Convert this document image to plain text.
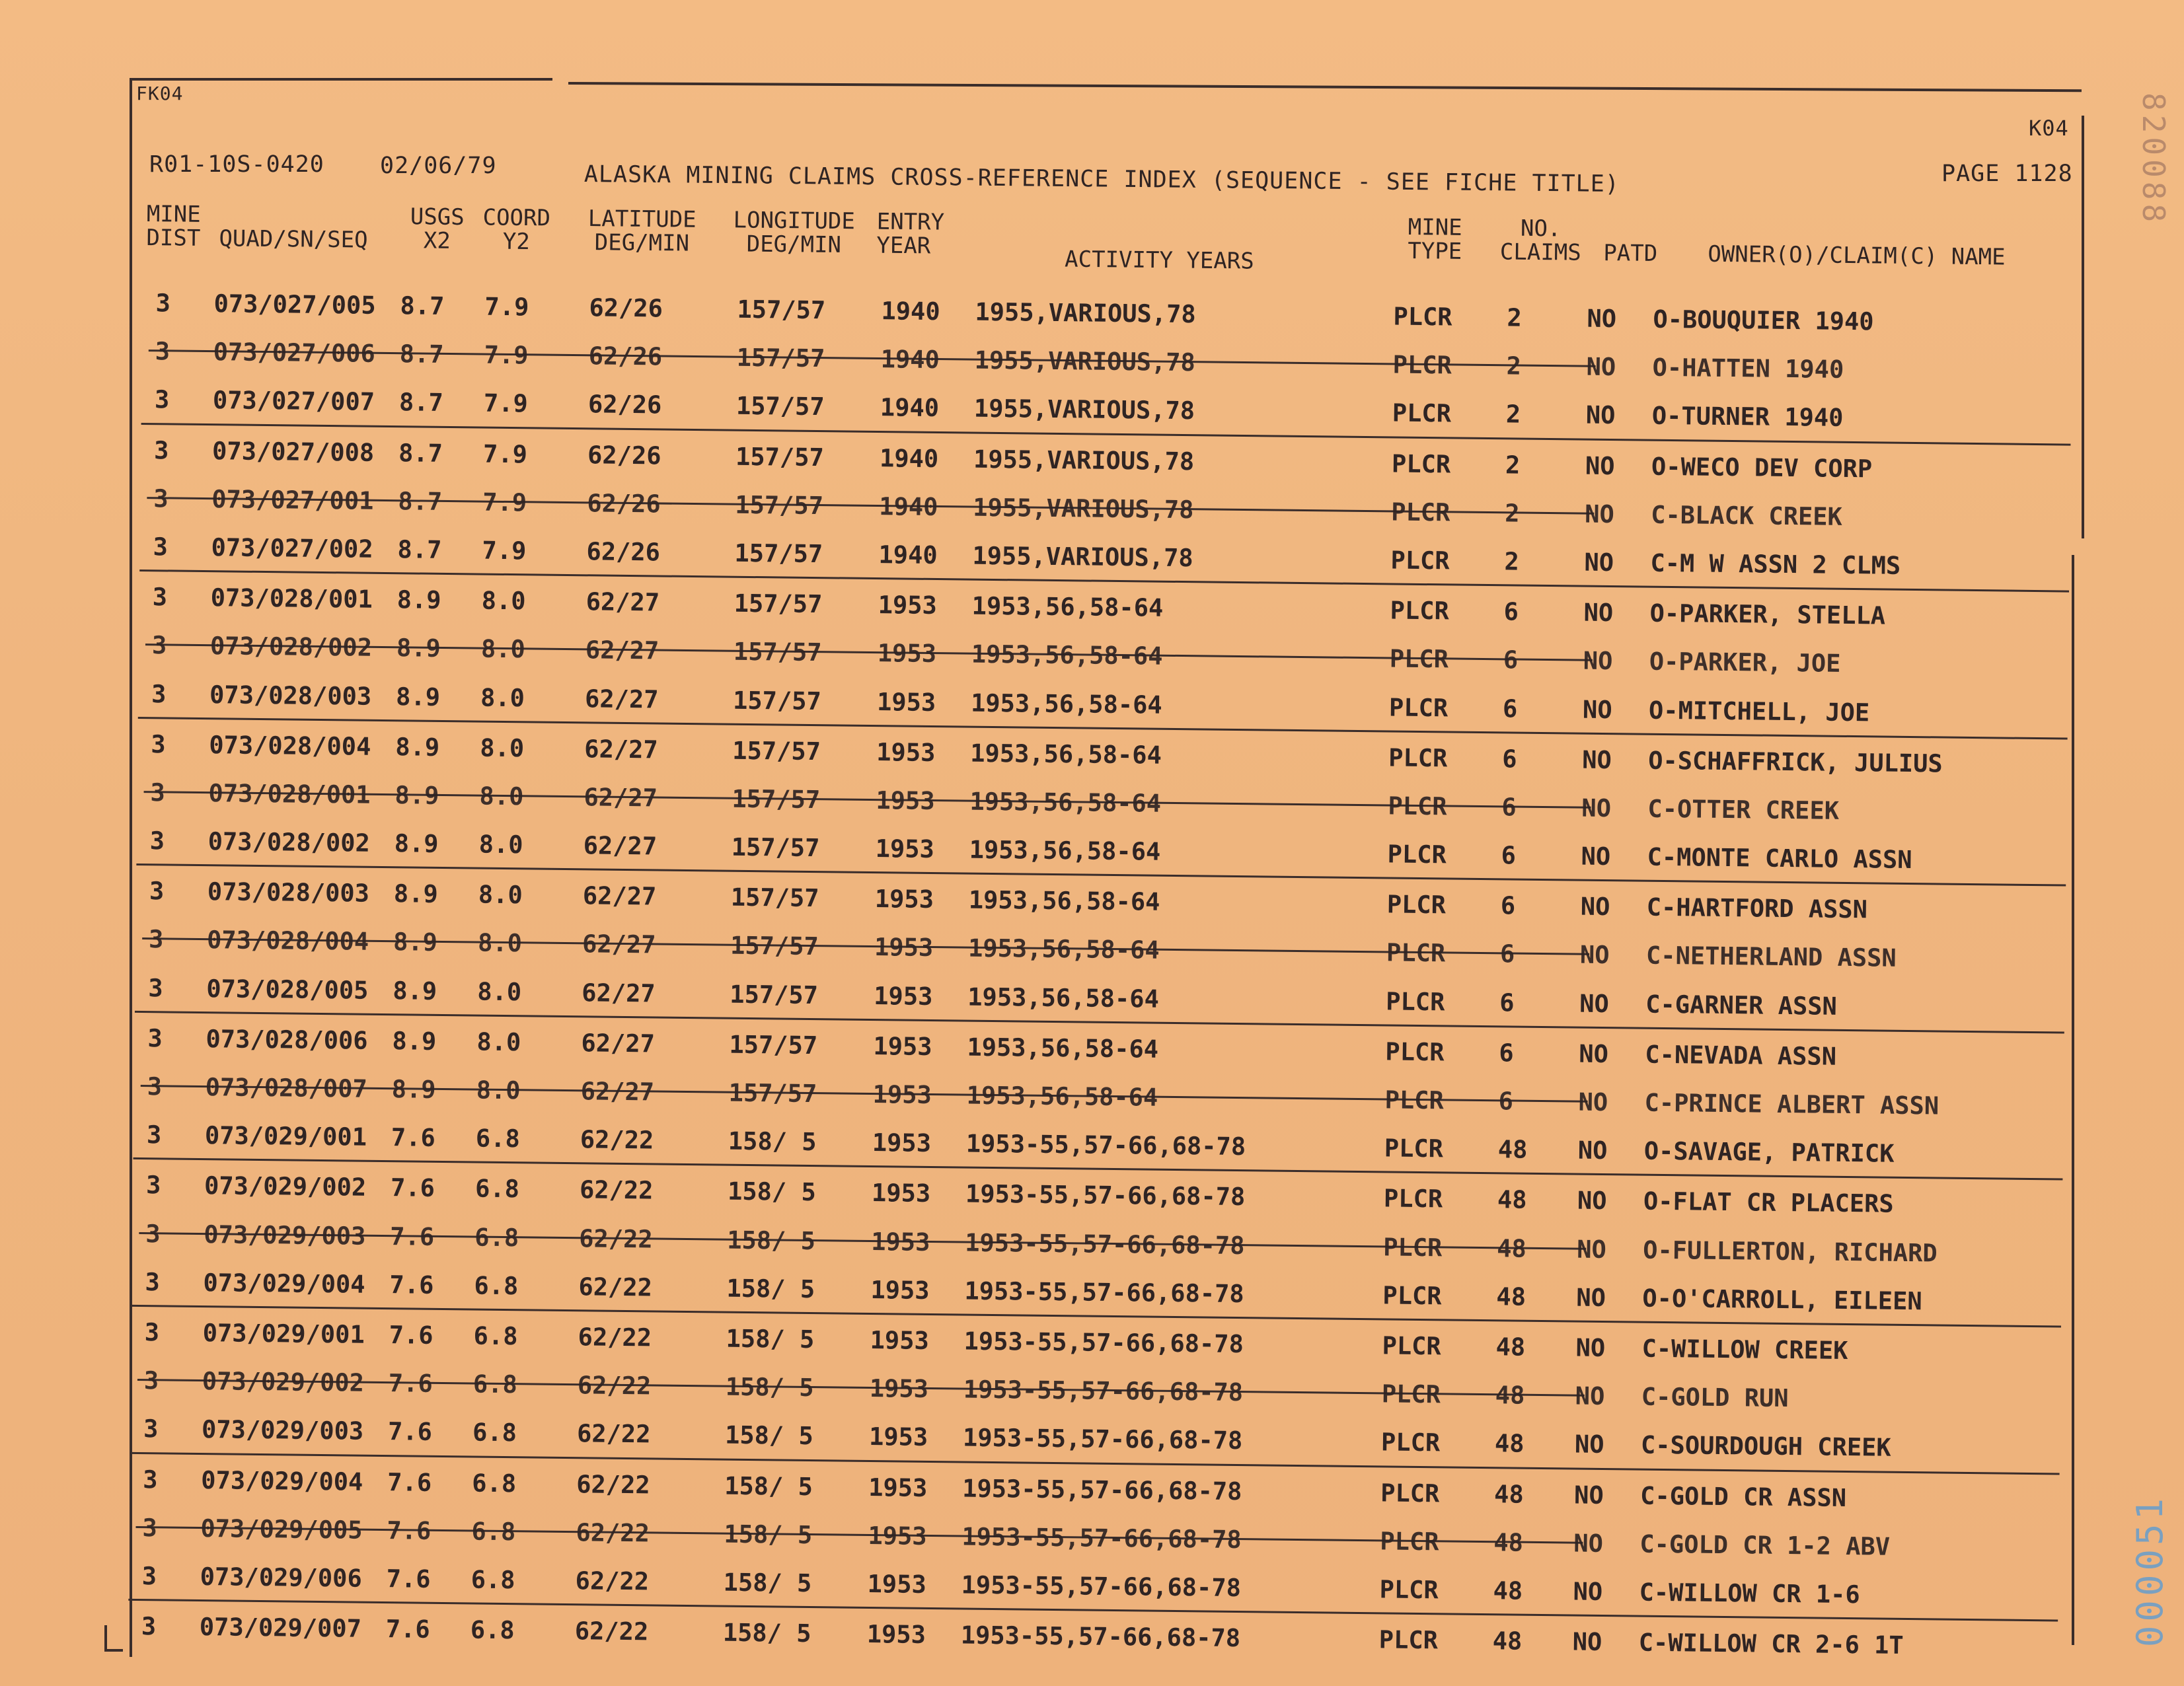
FK04
K04
R01-10S-0420 02/06/79	ALASKA MINING CLAIMS CROSS-REFERENCE INDEX (SEQUENCE - SEE FICHE TITLE)	PAGE 1128
MINE
DIST QUAD/SN/SEQ
USGS
X2
COORD
Y2
LATITUDE
DEG/MIN
LONGITUDE
DEG/MIN
ENTRY
YEAR
ACTIVITY YEARS
MINE
TYPE
NO.
CLAIMS PATD OWNER(O)/CLAIM(C) NAME
3 073/027/005 8.7 7.9 62/26	157/57 1940 1955,VARIOUS,78	PLCR 2	NO O-BOUQUIER 1940
3 073/027/006 8.7 7.9 62/26	157/57 1940 1955,VARIOUS,78	PLCR 2	NO O-HATTEN 1940
3 073/027/007 8.7 7.9 62/26	157/57 1940 1955,VARIOUS,78	PLCR 2	NO O-TURNER 1940
3 073/027/008 8.7 7.9 62/26	157/57 1940 1955,VARIOUS,78	PLCR 2	NO O-WECO DEV CORP
3 073/027/001 8.7 7.9 62/26	157/57 1940 1955,VARIOUS,78	PLCR 2	NO C-BLACK CREEK
3 073/027/002 8.7 7.9 62/26	157/57 1940 1955,VARIOUS,78	PLCR 2	NO C-M W ASSN 2 CLMS
3 073/028/001 8.9 8.0 62/27	157/57 1953 1953,56,58-64	PLCR 6	NO O-PARKER, STELLA
3 073/028/002 8.9 8.0 62/27	157/57 1953 1953,56,58-64	PLCR 6	NO O-PARKER, JOE
3 073/028/003 8.9 8.0 62/27	157/57 1953 1953,56,58-64	PLCR 6	NO O-MITCHELL, JOE
3 073/028/004 8.9 8.0 62/27	157/57 1953 1953,56,58-64	PLCR 6	NO O-SCHAFFRICK, JULIUS
3 073/028/001 8.9 8.0 62/27	157/57 1953 1953,56,58-64	PLCR 6	NO C-OTTER CREEK
3 073/028/002 8.9 8.0 62/27	157/57 1953 1953,56,58-64	PLCR 6	NO C-MONTE CARLO ASSN
3 073/028/003 8.9 8.0 62/27	157/57 1953 1953,56,58-64	PLCR 6	NO C-HARTFORD ASSN
3 073/028/004 8.9 8.0 62/27	157/57 1953 1953,56,58-64	PLCR 6	NO C-NETHERLAND ASSN
3 073/028/005 8.9 8.0 62/27	157/57 1953 1953,56,58-64	PLCR 6	NO C-GARNER ASSN
3 073/028/006 8.9 8.0 62/27	157/57 1953 1953,56,58-64	PLCR 6	NO C-NEVADA ASSN
3 073/028/007 8.9 8.0 62/27	157/57 1953 1953,56,58-64	PLCR 6	NO C-PRINCE ALBERT ASSN
3 073/029/001 7.6 6.8 62/22	158/ 5 1953 1953-55,57-66,68-78	PLCR 48 NO O-SAVAGE, PATRICK
3 073/029/002 7.6 6.8 62/22	158/ 5 1953 1953-55,57-66,68-78	PLCR 48 NO O-FLAT CR PLACERS
3 073/029/003 7.6 6.8 62/22	158/ 5 1953 1953-55,57-66,68-78	PLCR 48 NO O-FULLERTON, RICHARD
3 073/029/004 7.6 6.8 62/22	158/ 5 1953 1953-55,57-66,68-78	PLCR 48 NO O-O'CARROLL, EILEEN
3 073/029/001 7.6 6.8 62/22	158/ 5 1953 1953-55,57-66,68-78	PLCR 48 NO C-WILLOW CREEK
3 073/029/002 7.6 6.8 62/22	158/ 5 1953 1953-55,57-66,68-78	PLCR 48 NO C-GOLD RUN
3 073/029/003 7.6 6.8 62/22	158/ 5 1953 1953-55,57-66,68-78	PLCR 48 NO C-SOURDOUGH CREEK
3 073/029/004 7.6 6.8 62/22	158/ 5 1953 1953-55,57-66,68-78	PLCR 48 NO C-GOLD CR ASSN
3 073/029/005 7.6 6.8 62/22	158/ 5 1953 1953-55,57-66,68-78	PLCR 48 NO C-GOLD CR 1-2 ABV
3 073/029/006 7.6 6.8 62/22	158/ 5 1953 1953-55,57-66,68-78	PLCR 48 NO C-WILLOW CR 1-6
3 073/029/007 7.6 6.8 62/22	158/ 5 1953 1953-55,57-66,68-78	PLCR 48 NO C-WILLOW CR 2-6 1T	000051
820088
